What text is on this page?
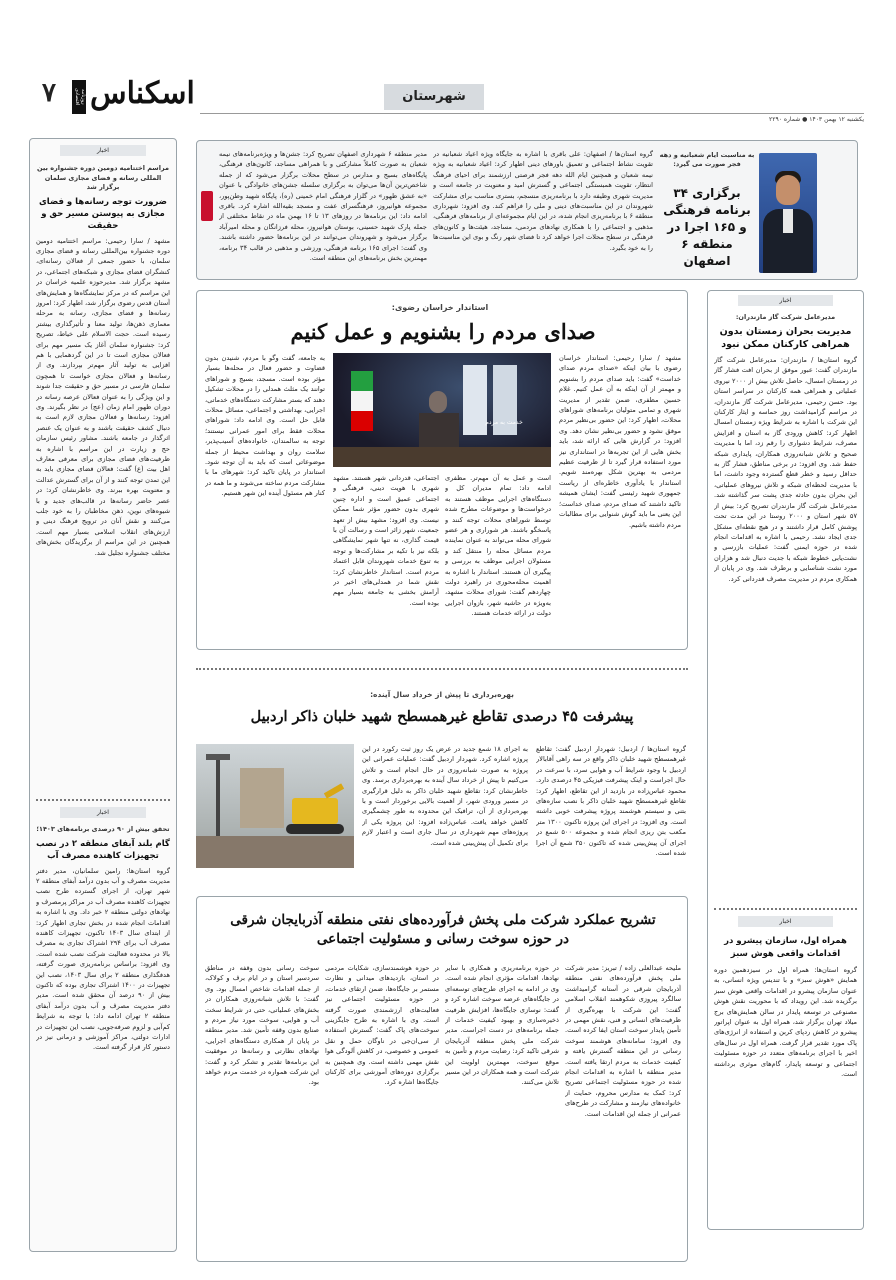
۷	روزنامه اقتصادی اسکناس	شهرستان
یکشنبه ۱۲ بهمن ۱۴۰۳ ● شماره ۲۲۹۰
به مناسبت ایام شعبانیه و دهه فجر صورت می گیرد:
برگزاری ۳۴ برنامه فرهنگی و ۱۶۵ اجرا در منطقه ۶ اصفهان
گروه استان‌ها / اصفهان: علی باقری با اشاره به جایگاه ویژه اعیاد شعبانیه در تقویت نشاط اجتماعی و تعمیق باورهای دینی اظهار کرد: اعیاد شعبانیه به ویژه نیمه شعبان و همچنین ایام الله دهه فجر فرصتی ارزشمند برای احیای فرهنگ انتظار، تقویت همبستگی اجتماعی و گسترش امید و معنویت در جامعه است و مدیریت شهری وظیفه دارد با برنامه‌ریزی منسجم، بستری مناسب برای مشارکت شهروندان در این مناسبت‌های دینی و ملی را فراهم کند. وی افزود: شهرداری منطقه ۶ با برنامه‌ریزی انجام شده، در این ایام مجموعه‌ای از برنامه‌های فرهنگی، مذهبی و اجتماعی را با همکاری نهادهای مردمی، مساجد، هیئت‌ها و کانون‌های فرهنگی در سطح محلات اجرا خواهد کرد تا فضای شهر رنگ و بوی این مناسبت‌ها را به خود بگیرد.
مدیر منطقه ۶ شهرداری اصفهان تصریح کرد: جشن‌ها و ویژه‌برنامه‌های نیمه شعبان به صورت کاملاً مشارکتی و با همراهی مساجد، کانون‌های فرهنگی، پایگاه‌های بسیج و مدارس در سطح محلات برگزار می‌شود که از جمله شاخص‌ترین آن‌ها می‌توان به برگزاری سلسله جشن‌های خانوادگی با عنوان «به عشق ظهور» در گلزار فرهنگی امام خمینی (ره)، پایگاه شهید وطن‌پور، مجموعه هوانیروز، فرهنگسرای عفت و مسجد بقیه‌الله اشاره کرد. باقری ادامه داد: این برنامه‌ها در روزهای ۱۳ تا ۱۶ بهمن ماه در نقاط مختلفی از جمله پارک شهید حسینی، بوستان هوانیروز، محله فرزانگان و محله امیرآباد برگزار می‌شود و شهروندان می‌توانند در این برنامه‌ها حضور داشته باشند. وی گفت: اجرای ۱۶۵ برنامه فرهنگی، ورزشی و مذهبی در قالب ۳۴ برنامه، مهمترین بخش برنامه‌های این منطقه است.
استاندار خراسان رضوی:
صدای مردم را بشنویم و عمل کنیم
خدمت به مردم
مشهد / سارا رحیمی: استاندار خراسان رضوی با بیان اینکه «صدای مردم صدای خداست» گفت: باید صدای مردم را بشنویم و مهمتر از آن اینکه به آن عمل کنیم. غلام حسین مظفری، ضمن تقدیر از مدیریت شهری و تمامی متولیان برنامه‌های شوراهای محلات، اظهار کرد: این حضور بی‌نظیر مردم موفق نشود و حضور بی‌نظیر نشان دهد. وی افزود: در گزارش هایی که ارائه شد، باید بخش هایی از این تجربه‌ها در استانداری نیز مورد استفاده قرار گیرد تا از ظرفیت عظیم مردمی به بهترین شکل بهره‌مند شویم. استاندار با یادآوری خاطره‌ای از ریاست جمهوری شهید رئیسی گفت: ایشان همیشه تاکید داشتند که صدای مردم، صدای خداست؛ این یعنی ما باید گوش شنوایی برای مطالبات مردم داشته باشیم.
است و عمل به آن مهم‌تر. مظفری ادامه داد: تمام مدیران کل و دستگاه‌های اجرایی موظف هستند به درخواست‌ها و موضوعات مطرح شده توسط شوراهای محلات توجه کنند و پاسخگو باشند. هر شوراری و هر عضو شورای محله می‌تواند به عنوان نماینده مردم مسائل محله را منتقل کند و مسئولان اجرایی موظف به بررسی و پیگیری آن هستند. استاندار با اشاره به اهمیت محله‌محوری در راهبرد دولت چهاردهم گفت: شورای محلات مشهد، به‌ویژه در حاشیه شهر، بازوان اجرایی دولت در ارائه خدمات هستند.
اجتماعی، قدردانی شهر هستند. مشهد شهری با هویت دینی، فرهنگی و اجتماعی عمیق است و اداره چنین شهری بدون حضور مؤثر شما ممکن نیست. وی افزود: مشهد بیش از تعهد جمعیت، شهر زائر است و رسالت آن با قیمت گذاری، نه تنها شهر نمایشگاهی بلکه نیز با تکیه بر مشارکت‌ها و توجه به تنوع خدمات شهروندان قابل اعتماد مردم است. استاندار خاطرنشان کرد: نقش شما در همدلی‌های اخیر در آرامش بخشی به جامعه بسیار مهم بوده است.
به جامعه، گفت وگو با مردم، شنیدن بدون قضاوت و حضور فعال در محله‌ها بسیار مؤثر بوده است. مسجد، بسیج و شوراهای توانند یک مثلث همدلی را در محلات تشکیل دهند که بستر مشارکت دستگاه‌های خدماتی، اجرایی، بهداشتی و اجتماعی، مسائل محلات قابل حل است. وی ادامه داد: شوراهای محلات فقط برای امور عمرانی نیستند؛ توجه به سالمندان، خانواده‌های آسیب‌پذیر، سلامت روان و بهداشت محیط از جمله موضوعاتی است که باید به آن توجه شود. استاندار در پایان تاکید کرد: شهرهای ما با مشارکت مردم ساخته می‌شوند و ما همه در کنار هم مسئول آینده این شهر هستیم.
بهره‌برداری تا پیش از خرداد سال آینده:
پیشرفت ۴۵ درصدی تقاطع غیرهمسطح شهید خلبان ذاکر اردبیل
گروه استان‌ها / اردبیل: شهردار اردبیل گفت: تقاطع غیرهمسطح شهید خلبان ذاکر واقع در سه راهی آقابالار اردبیل با وجود شرایط آب و هوایی سرد، با سرعت در حال اجراست و اینک پیشرفت فیزیکی ۴۵ درصدی دارد. محمود عباس‌زاده در بازدید از این تقاطع، اظهار کرد: تقاطع غیرهمسطح شهید خلبان ذاکر با نصب سازه‌های بتنی و سیستم هوشمند پروژه پیشرفت خوبی داشته است. وی افزود: در اجرای این پروژه تاکنون ۱۳۰۰ متر مکعب بتن ریزی انجام شده و مجموعه ۵۰۰ شمع در اجرای آن پیش‌بینی شده که تاکنون ۳۵۰ شمع آن اجرا شده است.
به اجرای ۱۸ شمع جدید در عرض یک روز ثبت رکورد در این پروژه اشاره کرد. شهردار اردبیل گفت: عملیات عمرانی این پروژه به صورت شبانه‌روزی در حال انجام است و تلاش می‌کنیم تا پیش از خرداد سال آینده به بهره‌برداری برسد. وی خاطرنشان کرد: تقاطع شهید خلبان ذاکر به دلیل قرارگیری در مسیر ورودی شهر، از اهمیت بالایی برخوردار است و با بهره‌برداری از آن، ترافیک این محدوده به طور چشمگیری کاهش خواهد یافت. عباس‌زاده افزود: این پروژه یکی از پروژه‌های مهم شهرداری در سال جاری است و اعتبار لازم برای تکمیل آن پیش‌بینی شده است.
تشریح عملکرد شرکت ملی پخش فرآورده‌های نفتی منطقه آذربایجان شرقی در حوزه سوخت رسانی و مسئولیت اجتماعی
ملیحه عبدالعلی زاده / تبریز: مدیر شرکت ملی پخش فرآورده‌های نفتی منطقه آذربایجان شرقی در آستانه گرامیداشت سالگرد پیروزی شکوهمند انقلاب اسلامی گفت: این شرکت با بهره‌گیری از ظرفیت‌های انسانی و فنی، نقش مهمی در تأمین پایدار سوخت استان ایفا کرده است. وی افزود: سامانه‌های هوشمند سوخت رسانی در این منطقه گسترش یافته و کیفیت خدمات به مردم ارتقا یافته است. مدیر منطقه با اشاره به اقدامات انجام شده در حوزه مسئولیت اجتماعی تصریح کرد: کمک به مدارس محروم، حمایت از خانواده‌های نیازمند و مشارکت در طرح‌های عمرانی از جمله این اقدامات است.
در حوزه برنامه‌ریزی و همکاری با سایر نهادها، اقدامات مؤثری انجام شده است. وی در ادامه به اجرای طرح‌های توسعه‌ای در جایگاه‌های عرضه سوخت اشاره کرد و گفت: نوسازی جایگاه‌ها، افزایش ظرفیت ذخیره‌سازی و بهبود کیفیت خدمات از جمله برنامه‌های در دست اجراست. مدیر شرکت ملی پخش منطقه آذربایجان شرقی تاکید کرد: رضایت مردم و تأمین به موقع سوخت، مهمترین اولویت این شرکت است و همه همکاران در این مسیر تلاش می‌کنند.
در حوزه هوشمندسازی، شکایات مردمی در استان، بازدیدهای میدانی و نظارت مستمر بر جایگاه‌ها، ضمن ارتقای خدمات، در حوزه مسئولیت اجتماعی نیز فعالیت‌های ارزشمندی صورت گرفته است. وی با اشاره به طرح جایگزینی سوخت‌های پاک گفت: گسترش استفاده از سی‌ان‌جی در ناوگان حمل و نقل عمومی و خصوصی، در کاهش آلودگی هوا نقش مهمی داشته است. وی همچنین به برگزاری دوره‌های آموزشی برای کارکنان جایگاه‌ها اشاره کرد.
سوخت رسانی بدون وقفه در مناطق سردسیر استان و در ایام برف و کولاک، از جمله اقدامات شاخص امسال بود. وی گفت: با تلاش شبانه‌روزی همکاران در بخش‌های عملیاتی، حتی در شرایط سخت آب و هوایی، سوخت مورد نیاز مردم و صنایع بدون وقفه تأمین شد. مدیر منطقه در پایان از همکاری دستگاه‌های اجرایی، نهادهای نظارتی و رسانه‌ها در موفقیت این برنامه‌ها تقدیر و تشکر کرد و گفت: این شرکت همواره در خدمت مردم خواهد بود.
اخبار
مدیرعامل شرکت گاز مازندران:
مدیریت بحران زمستان بدون همراهی کارکنان ممکن نبود
گروه استان‌ها / مازندران: مدیرعامل شرکت گاز مازندران گفت: عبور موفق از بحران افت فشار گاز در زمستان امسال، حاصل تلاش بیش از ۲۰۰۰ نیروی عملیاتی و همراهی همه کارکنان در سراسر استان بود. حسن رحیمی، مدیرعامل شرکت گاز مازندران، در مراسم گرامیداشت روز حماسه و ایثار کارکنان این شرکت با اشاره به شرایط ویژه زمستان امسال اظهار کرد: کاهش ورودی گاز به استان و افزایش مصرف، شرایط دشواری را رقم زد، اما با مدیریت صحیح و تلاش شبانه‌روزی همکاران، پایداری شبکه حفظ شد. وی افزود: در برخی مناطق، فشار گاز به حداقل رسید و خطر قطع گسترده وجود داشت، اما با مدیریت لحظه‌ای شبکه و تلاش نیروهای عملیاتی، این بحران بدون حادثه جدی پشت سر گذاشته شد. مدیرعامل شرکت گاز مازندران تصریح کرد: بیش از ۵۷ شهر استان و ۲۰۰۰ روستا در این مدت تحت پوشش کامل قرار داشتند و در هیچ نقطه‌ای مشکل جدی ایجاد نشد. رحیمی با اشاره به اقدامات انجام شده در حوزه ایمنی گفت: عملیات بازرسی و نشت‌یابی خطوط شبکه با جدیت دنبال شد و هزاران مورد نشت شناسایی و برطرف شد. وی در پایان از همکاری مردم در مدیریت مصرف قدردانی کرد.
اخبار
همراه اول، سازمان پیشرو در اقدامات واقعی هوش سبز
گروه استان‌ها: همراه اول در سیزدهمین دوره همایش «هوش سبز» و با تندیس ویژه انسانی، به عنوان سازمان پیشرو در اقدامات واقعی هوش سبز برگزیده شد. این رویداد که با محوریت نقش هوش مصنوعی در توسعه پایدار در سالن همایش‌های برج میلاد تهران برگزار شد، همراه اول به عنوان اپراتور پیشرو در کاهش ردپای کربن و استفاده از انرژی‌های پاک مورد تقدیر قرار گرفت. همراه اول در سال‌های اخیر با اجرای برنامه‌های متعدد در حوزه مسئولیت اجتماعی و توسعه پایدار، گام‌های موثری برداشته است.
اخبار
مراسم اختتامیه دومین دوره جشنواره بین المللی رسانه و فضای مجازی سلمان برگزار شد
ضرورت توجه رسانه‌ها و فضای مجازی به پیوستن مسیر حق و حقیقت
مشهد / سارا رحیمی: مراسم اختتامیه دومین دوره جشنواره بین‌المللی رسانه و فضای مجازی سلمان، با حضور جمعی از فعالان رسانه‌ای، کنشگران فضای مجازی و شبکه‌های اجتماعی، در مشهد برگزار شد. مدیرحوزه علمیه خراسان در این مراسم که در مرکز نمایشگاه‌ها و همایش‌های آستان قدس رضوی برگزار شد، اظهار کرد: امروز رسانه‌ها و فضای مجازی، رسانه به مرحله معماری ذهن‌ها، تولید معنا و تأثیرگذاری بیشتر رسیده است. حجت الاسلام علی خیاط، تصریح کرد: جشنواره سلمان آغاز یک مسیر مهم برای فعالان مجازی است تا در این گردهمایی با هم افزایی به تولید آثار مهم‌تر بپردازند. وی از رسانه‌ها و فعالان مجازی خواست تا همچون سلمان فارسی در مسیر حق و حقیقت جدا شوند و این ویژگی را به عنوان فعالان عرصه رسانه در دوران ظهور امام زمان (عج) در نظر بگیرند. وی افزود: رسانه‌ها و فعالان مجازی لازم است به دنبال کشف حقیقت باشند و به عنوان یک عنصر اثرگذار در جامعه باشند. مشاور رئیس سازمان حج و زیارت در این مراسم با اشاره به ظرفیت‌های فضای مجازی برای معرفی معارف اهل بیت (ع) گفت: فعالان فضای مجازی باید به این تمدن توجه کنند و از آن برای گسترش عدالت و معنویت بهره ببرند. وی خاطرنشان کرد: در عصر حاضر رسانه‌ها در قالب‌های جدید و با شیوه‌های نوین، ذهن مخاطبان را به خود جلب می‌کنند و نقش آنان در ترویج فرهنگ دینی و ارزش‌های انقلاب اسلامی بسیار مهم است. همچنین در این مراسم از برگزیدگان بخش‌های مختلف جشنواره تجلیل شد.
اخبار
تحقق بیش از ۹۰ درصدی برنامه‌های ۱۴۰۳؛
گام بلند آبفای منطقه ۲ در نصب تجهیزات کاهنده مصرف آب
گروه استان‌ها: رامین سلمانیان، مدیر دفتر مدیریت مصرف و آب بدون درآمد آبفای منطقه ۲ شهر تهران، از اجرای گسترده طرح نصب تجهیزات کاهنده مصرف آب در مراکز پرمصرف و نهادهای دولتی منطقه ۲ خبر داد. وی با اشاره به اقدامات انجام شده در بخش تجاری اظهار کرد: از ابتدای سال ۱۴۰۳ تاکنون، تجهیزات کاهنده مصرف آب برای ۲۹۴ اشتراک تجاری به مصرف بالا در محدوده فعالیت شرکت نصب شده است. وی افزود: براساس برنامه‌ریزی صورت گرفته، هدفگذاری منطقه ۲ برای سال ۱۴۰۳، نصب این تجهیزات در ۱۴۰۰ اشتراک تجاری بوده که تاکنون بیش از ۹۰ درصد آن محقق شده است. مدیر دفتر مدیریت مصرف و آب بدون درآمد آبفای منطقه ۲ تهران ادامه داد: با توجه به شرایط کم‌آبی و لزوم صرفه‌جویی، نصب این تجهیزات در ادارات دولتی، مراکز آموزشی و درمانی نیز در دستور کار قرار گرفته است.
